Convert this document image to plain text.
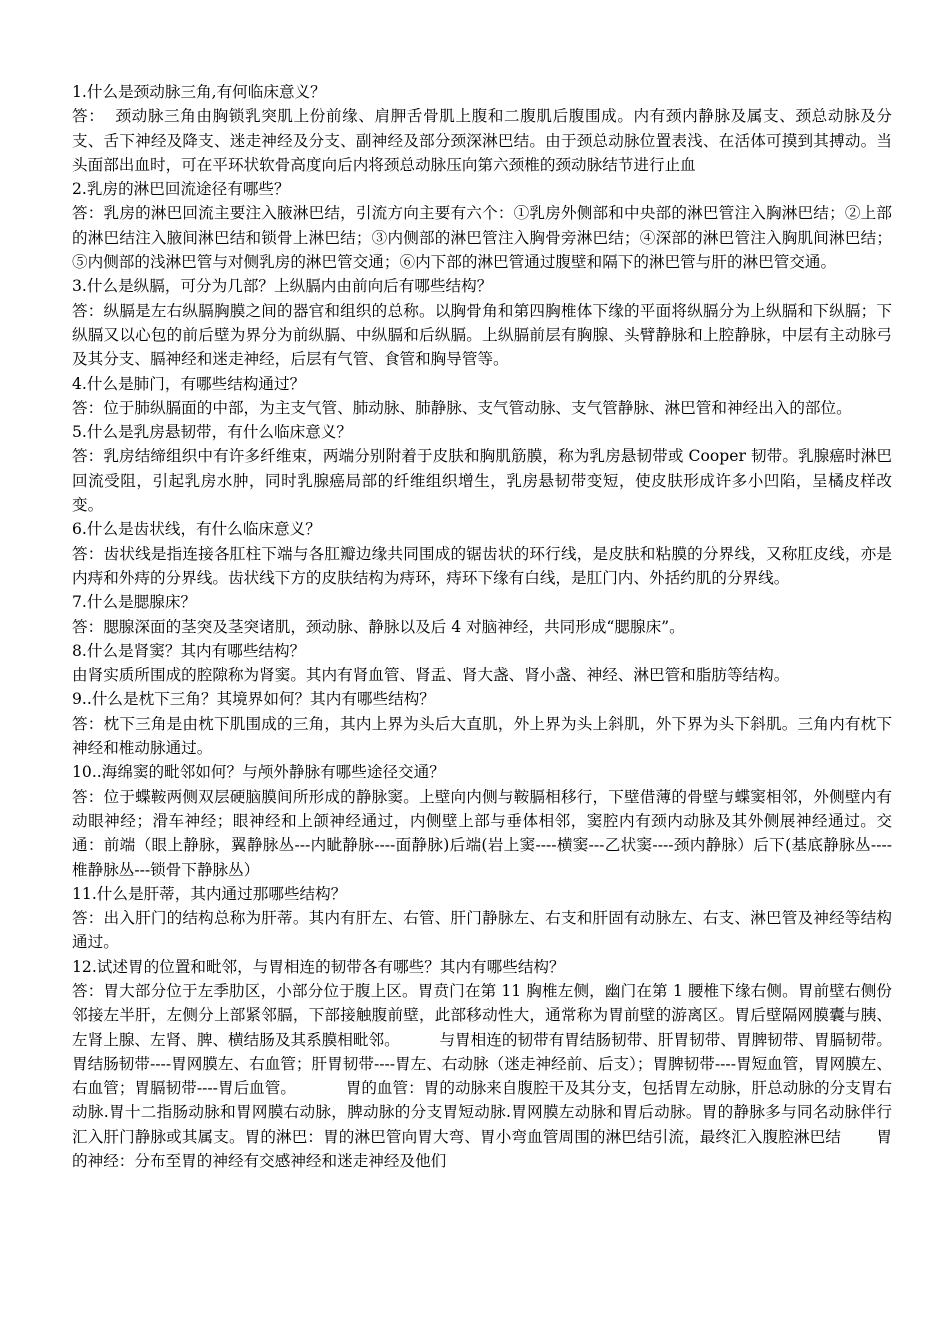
1.什么是颈动脉三角,有何临床意义？

答：  颈动脉三角由胸锁乳突肌上份前缘、肩胛舌骨肌上腹和二腹肌后腹围成。内有颈内静脉及属支、颈总动脉及分支、舌下神经及降支、迷走神经及分支、副神经及部分颈深淋巴结。由于颈总动脉位置表浅、在活体可摸到其搏动。当头面部出血时，可在平环状软骨高度向后内将颈总动脉压向第六颈椎的颈动脉结节进行止血

2.乳房的淋巴回流途径有哪些？

答：乳房的淋巴回流主要注入腋淋巴结，引流方向主要有六个：①乳房外侧部和中央部的淋巴管注入胸淋巴结；②上部的淋巴结注入腋间淋巴结和锁骨上淋巴结；③内侧部的淋巴管注入胸骨旁淋巴结；④深部的淋巴管注入胸肌间淋巴结；⑤内侧部的浅淋巴管与对侧乳房的淋巴管交通；⑥内下部的淋巴管通过腹壁和隔下的淋巴管与肝的淋巴管交通。

3.什么是纵膈，可分为几部？上纵膈内由前向后有哪些结构？

答：纵膈是左右纵膈胸膜之间的器官和组织的总称。以胸骨角和第四胸椎体下缘的平面将纵膈分为上纵膈和下纵膈；下纵膈又以心包的前后壁为界分为前纵膈、中纵膈和后纵膈。上纵膈前层有胸腺、头臂静脉和上腔静脉，中层有主动脉弓及其分支、膈神经和迷走神经，后层有气管、食管和胸导管等。

4.什么是肺门，有哪些结构通过？

答：位于肺纵膈面的中部，为主支气管、肺动脉、肺静脉、支气管动脉、支气管静脉、淋巴管和神经出入的部位。

5.什么是乳房悬韧带，有什么临床意义？

答：乳房结缔组织中有许多纤维束，两端分别附着于皮肤和胸肌筋膜，称为乳房悬韧带或 Cooper 韧带。乳腺癌时淋巴回流受阻，引起乳房水肿，同时乳腺癌局部的纤维组织增生，乳房悬韧带变短，使皮肤形成许多小凹陷，呈橘皮样改变。

6.什么是齿状线，有什么临床意义？

答：齿状线是指连接各肛柱下端与各肛瓣边缘共同围成的锯齿状的环行线，是皮肤和粘膜的分界线，又称肛皮线，亦是内痔和外痔的分界线。齿状线下方的皮肤结构为痔环，痔环下缘有白线，是肛门内、外括约肌的分界线。

7.什么是腮腺床？

答：腮腺深面的茎突及茎突诸肌，颈动脉、静脉以及后 4 对脑神经，共同形成“腮腺床”。

8.什么是肾窦？其内有哪些结构？

由肾实质所围成的腔隙称为肾窦。其内有肾血管、肾盂、肾大盏、肾小盏、神经、淋巴管和脂肪等结构。

9..什么是枕下三角？其境界如何？其内有哪些结构？

答：枕下三角是由枕下肌围成的三角，其内上界为头后大直肌，外上界为头上斜肌，外下界为头下斜肌。三角内有枕下神经和椎动脉通过。

10..海绵窦的毗邻如何？与颅外静脉有哪些途径交通？

答：位于蝶鞍两侧双层硬脑膜间所形成的静脉窦。上壁向内侧与鞍膈相移行，下壁借薄的骨壁与蝶窦相邻，外侧壁内有动眼神经；滑车神经；眼神经和上颌神经通过，内侧壁上部与垂体相邻，窦腔内有颈内动脉及其外侧展神经通过。交通：前端（眼上静脉，翼静脉丛---内眦静脉----面静脉)后端(岩上窦----横窦---乙状窦----颈内静脉）后下(基底静脉丛----椎静脉丛---锁骨下静脉丛）

11.什么是肝蒂，其内通过那哪些结构？

答：出入肝门的结构总称为肝蒂。其内有肝左、右管、肝门静脉左、右支和肝固有动脉左、右支、淋巴管及神经等结构通过。

12.试述胃的位置和毗邻，与胃相连的韧带各有哪些？其内有哪些结构？

答：胃大部分位于左季肋区，小部分位于腹上区。胃贲门在第 11 胸椎左侧，幽门在第 1 腰椎下缘右侧。胃前壁右侧份邻接左半肝，左侧分上部紧邻膈，下部接触腹前壁，此部移动性大，通常称为胃前壁的游离区。胃后壁隔网膜囊与胰、左肾上腺、左肾、脾、横结肠及其系膜相毗邻。        与胃相连的韧带有胃结肠韧带、肝胃韧带、胃脾韧带、胃膈韧带。胃结肠韧带----胃网膜左、右血管；肝胃韧带----胃左、右动脉（迷走神经前、后支）；胃脾韧带----胃短血管，胃网膜左、右血管；胃膈韧带----胃后血管。          胃的血管：胃的动脉来自腹腔干及其分支，包括胃左动脉，肝总动脉的分支胃右动脉.胃十二指肠动脉和胃网膜右动脉，脾动脉的分支胃短动脉.胃网膜左动脉和胃后动脉。胃的静脉多与同名动脉伴行汇入肝门静脉或其属支。胃的淋巴：胃的淋巴管向胃大弯、胃小弯血管周围的淋巴结引流，最终汇入腹腔淋巴结       胃的神经：分布至胃的神经有交感神经和迷走神经及他们
